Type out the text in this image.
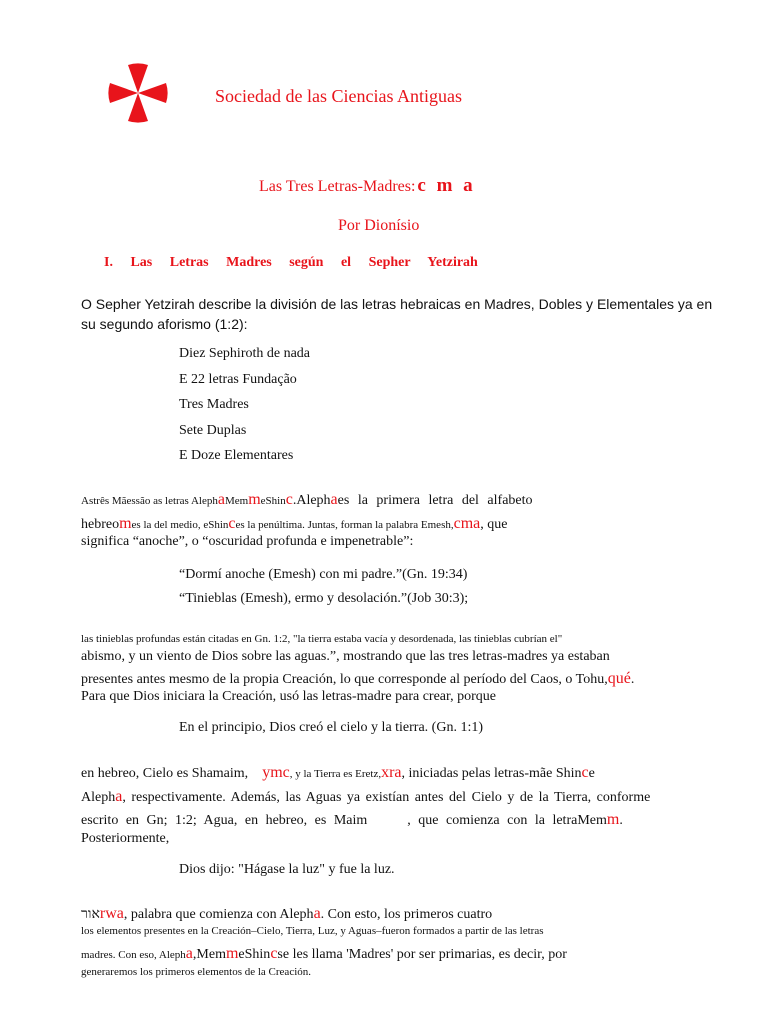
Sociedad de las Ciencias Antiguas
Las Tres Letras-Madres: c m a
Por Dionísio
I. Las Letras Madres según el Sepher Yetzirah
O Sepher Yetzirah describe la división de las letras hebraicas en Madres, Dobles y Elementales ya en
su segundo aforismo (1:2):
Diez Sephiroth de nada
E 22 letras Fundação
Tres Madres
Sete Duplas
E Doze Elementares
Astrês Mãessão as letras AlephaMemmeShinc.Alephaes la primera letra del alfabeto
hebreomes la del medio, eShinces la penúltima. Juntas, forman la palabra Emesh,cma, que
significa “anoche”, o “oscuridad profunda e impenetrable”:
“Dormí anoche (Emesh) con mi padre.”(Gn. 19:34)
“Tinieblas (Emesh), ermo y desolación.”(Job 30:3);
las tinieblas profundas están citadas en Gn. 1:2, "la tierra estaba vacía y desordenada, las tinieblas cubrían el"
abismo, y un viento de Dios sobre las aguas.”, mostrando que las tres letras-madres ya estaban
presentes antes mesmo de la propia Creación, lo que corresponde al período del Caos, o Tohu,qué.
Para que Dios iniciara la Creación, usó las letras-madre para crear, porque
En el principio, Dios creó el cielo y la tierra. (Gn. 1:1)
en hebreo, Cielo es Shamaim, ymc, y la Tierra es Eretz,xra, iniciadas pelas letras-mãe Shince
Alepha, respectivamente. Además, las Aguas ya existían antes del Cielo y de la Tierra, conforme
escrito en Gn; 1:2; Agua, en hebreo, es Maim	, que comienza con la letraMemm.
Posteriormente,
Dios dijo: "Hágase la luz" y fue la luz.
אורrwa, palabra que comienza con Alepha. Con esto, los primeros cuatro
los elementos presentes en la Creación–Cielo, Tierra, Luz, y Aguas–fueron formados a partir de las letras
madres. Con eso, Alepha,MemmeShincse les llama 'Madres' por ser primarias, es decir, por
generaremos los primeros elementos de la Creación.
